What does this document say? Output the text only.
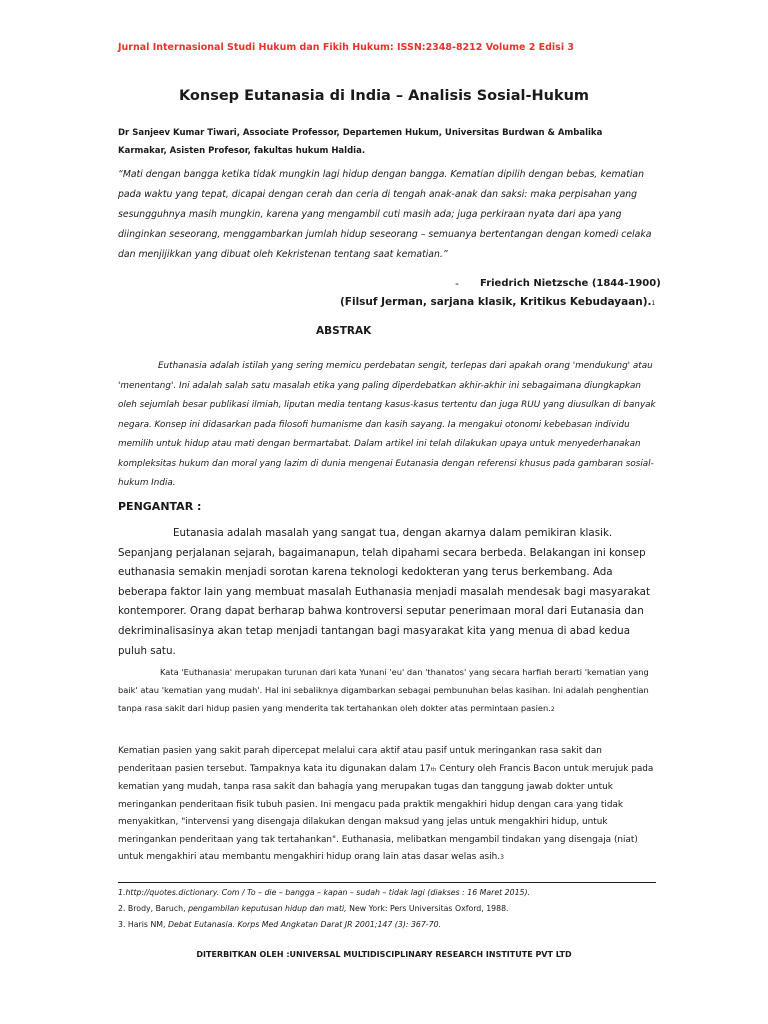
Jurnal Internasional Studi Hukum dan Fikih Hukum: ISSN:2348-8212 Volume 2 Edisi 3
Konsep Eutanasia di India – Analisis Sosial-Hukum
Dr Sanjeev Kumar Tiwari, Associate Professor, Departemen Hukum, Universitas Burdwan & Ambalika Karmakar, Asisten Profesor, fakultas hukum Haldia.

“Mati dengan bangga ketika tidak mungkin lagi hidup dengan bangga. Kematian dipilih dengan bebas, kematian pada waktu yang tepat, dicapai dengan cerah dan ceria di tengah anak-anak dan saksi: maka perpisahan yang sesungguhnya masih mungkin, karena yang mengambil cuti masih ada; juga perkiraan nyata dari apa yang diinginkan seseorang, menggambarkan jumlah hidup seseorang – semuanya bertentangan dengan komedi celaka dan menjijikkan yang dibuat oleh Kekristenan tentang saat kematian.”

- Friedrich Nietzsche (1844-1900)
(Filsuf Jerman, sarjana klasik, Kritikus Kebudayaan).1
ABSTRAK

Euthanasia adalah istilah yang sering memicu perdebatan sengit, terlepas dari apakah orang 'mendukung' atau 'menentang'. Ini adalah salah satu masalah etika yang paling diperdebatkan akhir-akhir ini sebagaimana diungkapkan oleh sejumlah besar publikasi ilmiah, liputan media tentang kasus-kasus tertentu dan juga RUU yang diusulkan di banyak negara. Konsep ini didasarkan pada filosofi humanisme dan kasih sayang. Ia mengakui otonomi kebebasan individu memilih untuk hidup atau mati dengan bermartabat. Dalam artikel ini telah dilakukan upaya untuk menyederhanakan kompleksitas hukum dan moral yang lazim di dunia mengenai Eutanasia dengan referensi khusus pada gambaran sosial-hukum India.

PENGANTAR :

Eutanasia adalah masalah yang sangat tua, dengan akarnya dalam pemikiran klasik. Sepanjang perjalanan sejarah, bagaimanapun, telah dipahami secara berbeda. Belakangan ini konsep euthanasia semakin menjadi sorotan karena teknologi kedokteran yang terus berkembang. Ada beberapa faktor lain yang membuat masalah Euthanasia menjadi masalah mendesak bagi masyarakat kontemporer. Orang dapat berharap bahwa kontroversi seputar penerimaan moral dari Eutanasia dan dekriminalisasinya akan tetap menjadi tantangan bagi masyarakat kita yang menua di abad kedua puluh satu.

Kata 'Euthanasia' merupakan turunan dari kata Yunani 'eu' dan 'thanatos' yang secara harfiah berarti 'kematian yang baik' atau 'kematian yang mudah'. Hal ini sebaliknya digambarkan sebagai pembunuhan belas kasihan. Ini adalah penghentian tanpa rasa sakit dari hidup pasien yang menderita tak tertahankan oleh dokter atas permintaan pasien.2

Kematian pasien yang sakit parah dipercepat melalui cara aktif atau pasif untuk meringankan rasa sakit dan penderitaan pasien tersebut. Tampaknya kata itu digunakan dalam 17th Century oleh Francis Bacon untuk merujuk pada kematian yang mudah, tanpa rasa sakit dan bahagia yang merupakan tugas dan tanggung jawab dokter untuk meringankan penderitaan fisik tubuh pasien. Ini mengacu pada praktik mengakhiri hidup dengan cara yang tidak menyakitkan, "intervensi yang disengaja dilakukan dengan maksud yang jelas untuk mengakhiri hidup, untuk meringankan penderitaan yang tak tertahankan". Euthanasia, melibatkan mengambil tindakan yang disengaja (niat) untuk mengakhiri atau membantu mengakhiri hidup orang lain atas dasar welas asih.3

1.http://quotes.dictionary. Com / To – die – bangga – kapan – sudah – tidak lagi (diakses : 16 Maret 2015).
2. Brody, Baruch, pengambilan keputusan hidup dan mati, New York: Pers Universitas Oxford, 1988.
3. Haris NM, Debat Eutanasia. Korps Med Angkatan Darat JR 2001;147 (3): 367-70.
DITERBITKAN OLEH :UNIVERSAL MULTIDISCIPLINARY RESEARCH INSTITUTE PVT LTD
